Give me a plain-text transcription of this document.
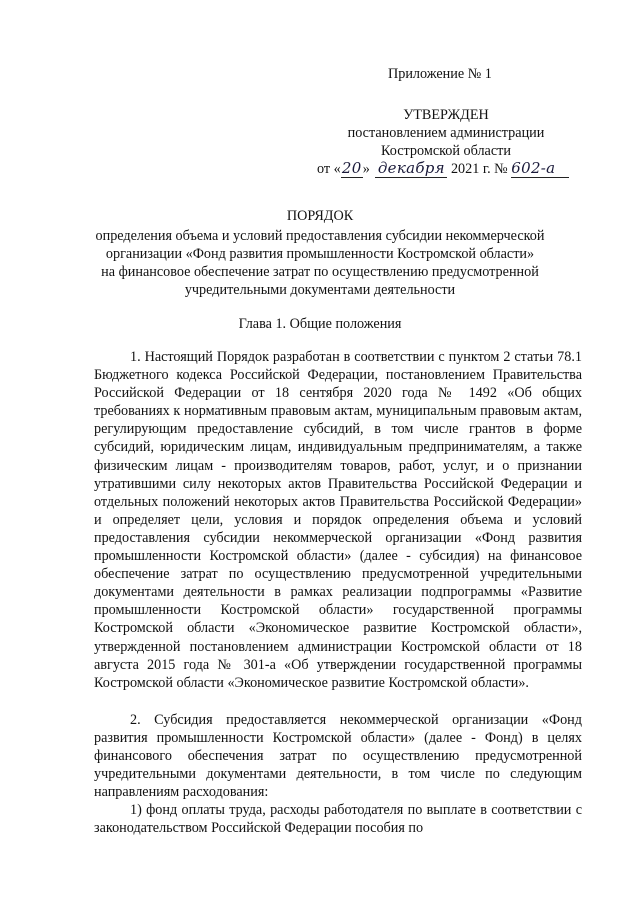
Приложение № 1
УТВЕРЖДЕН
постановлением администрации
Костромской области
от «20» декабря 2021 г. № 602-а
ПОРЯДОК
определения объема и условий предоставления субсидии некоммерческой
организации «Фонд развития промышленности Костромской области»
на финансовое обеспечение затрат по осуществлению предусмотренной
учредительными документами деятельности
Глава 1. Общие положения
1. Настоящий Порядок разработан в соответствии с пунктом 2 статьи 78.1 Бюджетного кодекса Российской Федерации, постановлением Правительства Российской Федерации от 18 сентября 2020 года № 1492 «Об общих требованиях к нормативным правовым актам, муниципальным правовым актам, регулирующим предоставление субсидий, в том числе грантов в форме субсидий, юридическим лицам, индивидуальным предпринимателям, а также физическим лицам - производителям товаров, работ, услуг, и о признании утратившими силу некоторых актов Правительства Российской Федерации и отдельных положений некоторых актов Правительства Российской Федерации» и определяет цели, условия и порядок определения объема и условий предоставления субсидии некоммерческой организации «Фонд развития промышленности Костромской области» (далее - субсидия) на финансовое обеспечение затрат по осуществлению предусмотренной учредительными документами деятельности в рамках реализации подпрограммы «Развитие промышленности Костромской области» государственной программы Костромской области «Экономическое развитие Костромской области», утвержденной постановлением администрации Костромской области от 18 августа 2015 года № 301-а «Об утверждении государственной программы Костромской области «Экономическое развитие Костромской области».
2. Субсидия предоставляется некоммерческой организации «Фонд развития промышленности Костромской области» (далее - Фонд) в целях финансового обеспечения затрат по осуществлению предусмотренной учредительными документами деятельности, в том числе по следующим направлениям расходования:
1) фонд оплаты труда, расходы работодателя по выплате в соответствии с законодательством Российской Федерации пособия по
